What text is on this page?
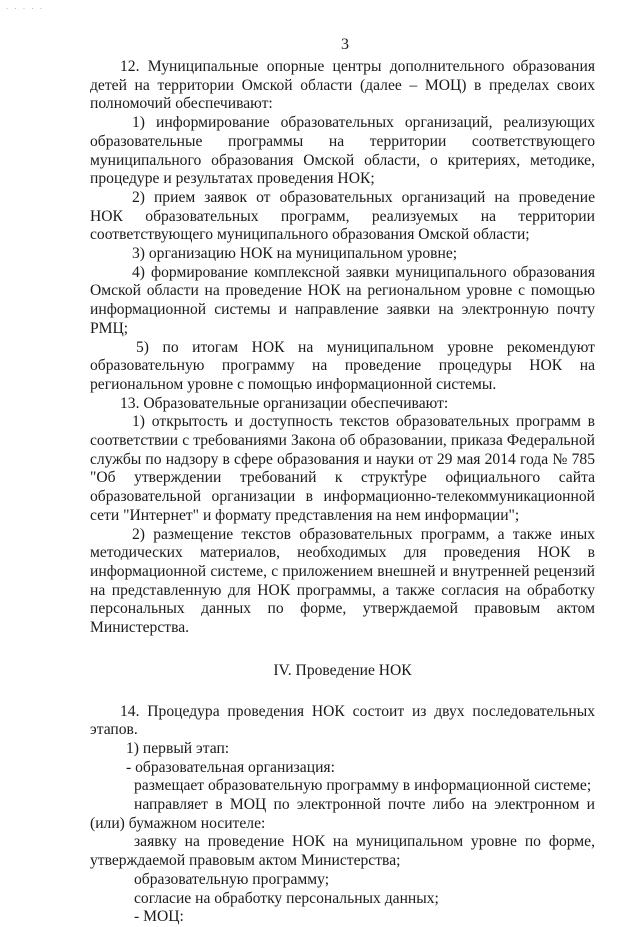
· · · · ·
3

12. Муниципальные опорные центры дополнительного образования детей на территории Омской области (далее – МОЦ) в пределах своих полномочий обеспечивают:

1) информирование образовательных организаций, реализующих образовательные программы на территории соответствующего муниципального образования Омской области, о критериях, методике, процедуре и результатах проведения НОК;

2) прием заявок от образовательных организаций на проведение НОК образовательных программ, реализуемых на территории соответствующего муниципального образования Омской области;

3) организацию НОК на муниципальном уровне;

4) формирование комплексной заявки муниципального образования Омской области на проведение НОК на региональном уровне с помощью информационной системы и направление заявки на электронную почту РМЦ;

5) по итогам НОК на муниципальном уровне рекомендуют образовательную программу на проведение процедуры НОК на региональном уровне с помощью информационной системы.

13. Образовательные организации обеспечивают:

1) открытость и доступность текстов образовательных программ в соответствии с требованиями Закона об образовании, приказа Федеральной службы по надзору в сфере образования и науки от 29 мая 2014 года № 785 "Об утверждении требований к структуре официального сайта образовательной организации в информационно-телекоммуникационной сети "Интернет" и формату представления на нем информации";

2) размещение текстов образовательных программ, а также иных методических материалов, необходимых для проведения НОК в информационной системе, с приложением внешней и внутренней рецензий на представленную для НОК программы, а также согласия на обработку персональных данных по форме, утверждаемой правовым актом Министерства.

IV. Проведение НОК

14. Процедура проведения НОК состоит из двух последовательных этапов.

1) первый этап:

- образовательная организация:

размещает образовательную программу в информационной системе;

направляет в МОЦ по электронной почте либо на электронном и (или) бумажном носителе:

заявку на проведение НОК на муниципальном уровне по форме, утверждаемой правовым актом Министерства;

образовательную программу;

согласие на обработку персональных данных;

- МОЦ:
